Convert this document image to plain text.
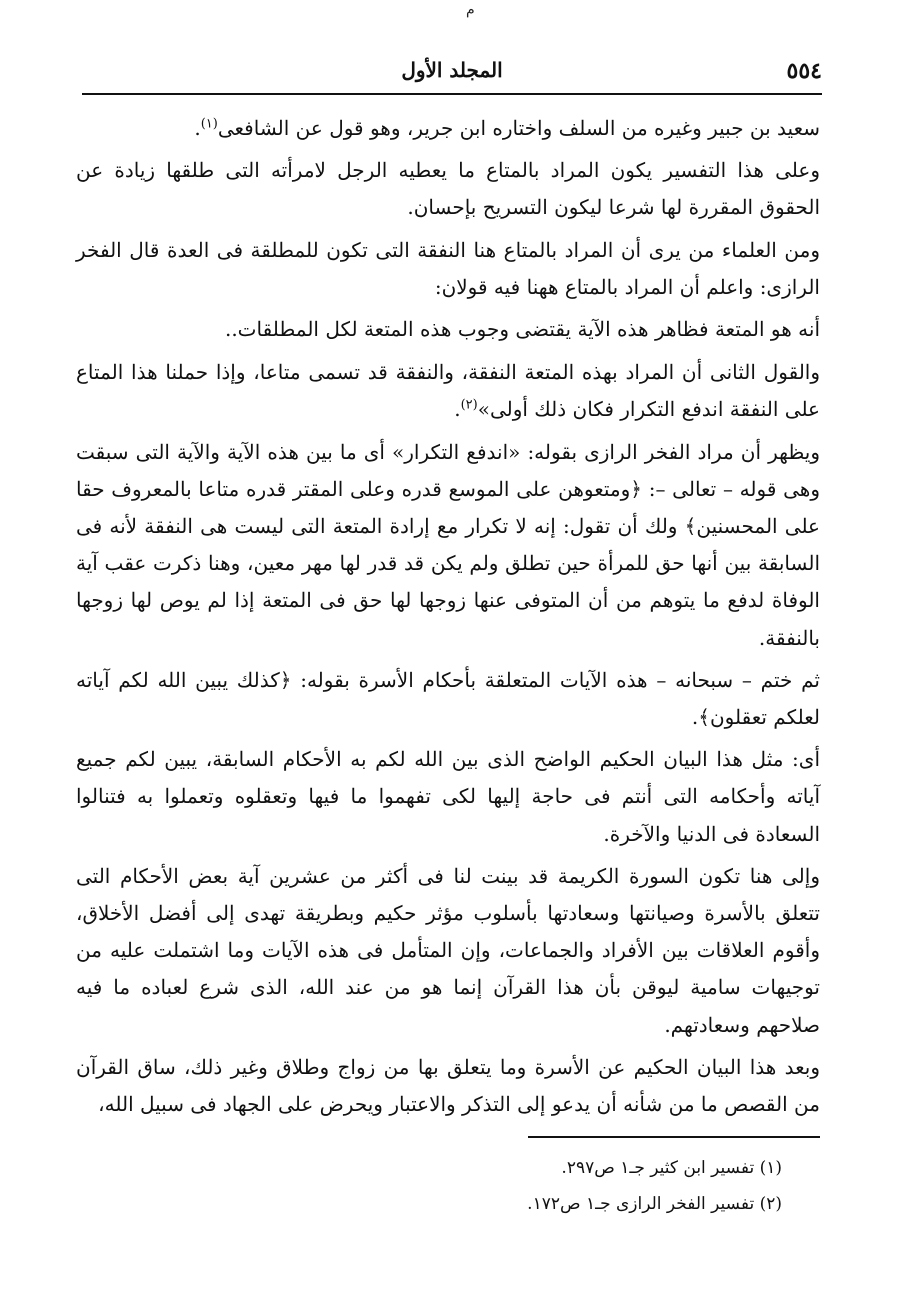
م
٥٥٤
المجلد الأول

سعيد بن جبير وغيره من السلف واختاره ابن جرير، وهو قول عن الشافعى$^{(١)}$.

وعلى هذا التفسير يكون المراد بالمتاع ما يعطيه الرجل لامرأته التى طلقها زيادة عن الحقوق المقررة لها شرعا ليكون التسريح بإحسان.

ومن العلماء من يرى أن المراد بالمتاع هنا النفقة التى تكون للمطلقة فى العدة قال الفخر الرازى: واعلم أن المراد بالمتاع ههنا فيه قولان:

أنه هو المتعة فظاهر هذه الآية يقتضى وجوب هذه المتعة لكل المطلقات..

والقول الثانى أن المراد بهذه المتعة النفقة، والنفقة قد تسمى متاعا، وإذا حملنا هذا المتاع على النفقة اندفع التكرار فكان ذلك أولى»$^{(٢)}$.

ويظهر أن مراد الفخر الرازى بقوله: «اندفع التكرار» أى ما بين هذه الآية والآية التى سبقت وهى قوله – تعالى –: ﴿ومتعوهن على الموسع قدره وعلى المقتر قدره متاعا بالمعروف حقا على المحسنين﴾ ولك أن تقول: إنه لا تكرار مع إرادة المتعة التى ليست هى النفقة لأنه فى السابقة بين أنها حق للمرأة حين تطلق ولم يكن قد قدر لها مهر معين، وهنا ذكرت عقب آية الوفاة لدفع ما يتوهم من أن المتوفى عنها زوجها لها حق فى المتعة إذا لم يوص لها زوجها بالنفقة.

ثم ختم – سبحانه – هذه الآيات المتعلقة بأحكام الأسرة بقوله: ﴿كذلك يبين الله لكم آياته لعلكم تعقلون﴾.

أى: مثل هذا البيان الحكيم الواضح الذى بين الله لكم به الأحكام السابقة، يبين لكم جميع آياته وأحكامه التى أنتم فى حاجة إليها لكى تفهموا ما فيها وتعقلوه وتعملوا به فتنالوا السعادة فى الدنيا والآخرة.

وإلى هنا تكون السورة الكريمة قد بينت لنا فى أكثر من عشرين آية بعض الأحكام التى تتعلق بالأسرة وصيانتها وسعادتها بأسلوب مؤثر حكيم وبطريقة تهدى إلى أفضل الأخلاق، وأقوم العلاقات بين الأفراد والجماعات، وإن المتأمل فى هذه الآيات وما اشتملت عليه من توجيهات سامية ليوقن بأن هذا القرآن إنما هو من عند الله، الذى شرع لعباده ما فيه صلاحهم وسعادتهم.

وبعد هذا البيان الحكيم عن الأسرة وما يتعلق بها من زواج وطلاق وغير ذلك، ساق القرآن من القصص ما من شأنه أن يدعو إلى التذكر والاعتبار ويحرض على الجهاد فى سبيل الله،

(١) تفسير ابن كثير جـ١ ص٢٩٧.
(٢) تفسير الفخر الرازى جـ١ ص١٧٢.
